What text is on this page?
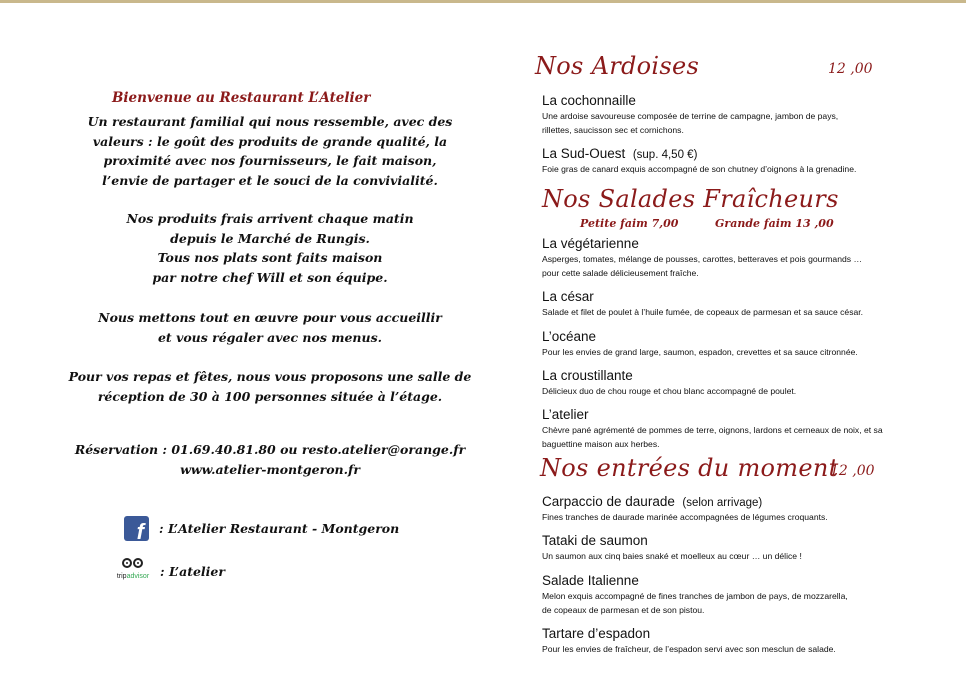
Bienvenue au Restaurant L’Atelier
Un restaurant familial qui nous ressemble, avec des
valeurs : le goût des produits de grande qualité, la
proximité avec nos fournisseurs, le fait maison,
l’envie de partager et le souci de la convivialité.
Nos produits frais arrivent chaque matin
depuis le Marché de Rungis.
Tous nos plats sont faits maison
par notre chef Will et son équipe.
Nous mettons tout en œuvre pour vous accueillir
et vous régaler avec nos menus.
Pour vos repas et fêtes, nous vous proposons une salle de
réception de 30 à 100 personnes située à l’étage.
Réservation : 01.69.40.81.80 ou resto.atelier@orange.fr
www.atelier-montgeron.fr
f : L’Atelier Restaurant - Montgeron
tripadvisor : L’atelier
Nos Ardoises	12 ,00
La cochonnaille
Une ardoise savoureuse composée de terrine de campagne, jambon de pays,
rillettes, saucisson sec et cornichons.
La Sud-Ouest (sup. 4,50 €)
Foie gras de canard exquis accompagné de son chutney d’oignons à la grenadine.
Nos Salades Fraîcheurs
Petite faim 7,00	Grande faim 13 ,00
La végétarienne
Asperges, tomates, mélange de pousses, carottes, betteraves et pois gourmands …
pour cette salade délicieusement fraîche.
La césar
Salade et filet de poulet à l’huile fumée, de copeaux de parmesan et sa sauce césar.
L’océane
Pour les envies de grand large, saumon, espadon, crevettes et sa sauce citronnée.
La croustillante
Délicieux duo de chou rouge et chou blanc accompagné de poulet.
L’atelier
Chèvre pané agrémenté de pommes de terre, oignons, lardons et cerneaux de noix, et sa
baguettine maison aux herbes.
Nos entrées du moment
12 ,00
Carpaccio de daurade (selon arrivage)
Fines tranches de daurade marinée accompagnées de légumes croquants.
Tataki de saumon
Un saumon aux cinq baies snaké et moelleux au cœur … un délice !
Salade Italienne
Melon exquis accompagné de fines tranches de jambon de pays, de mozzarella,
de copeaux de parmesan et de son pistou.
Tartare d’espadon
Pour les envies de fraîcheur, de l’espadon servi avec son mesclun de salade.
